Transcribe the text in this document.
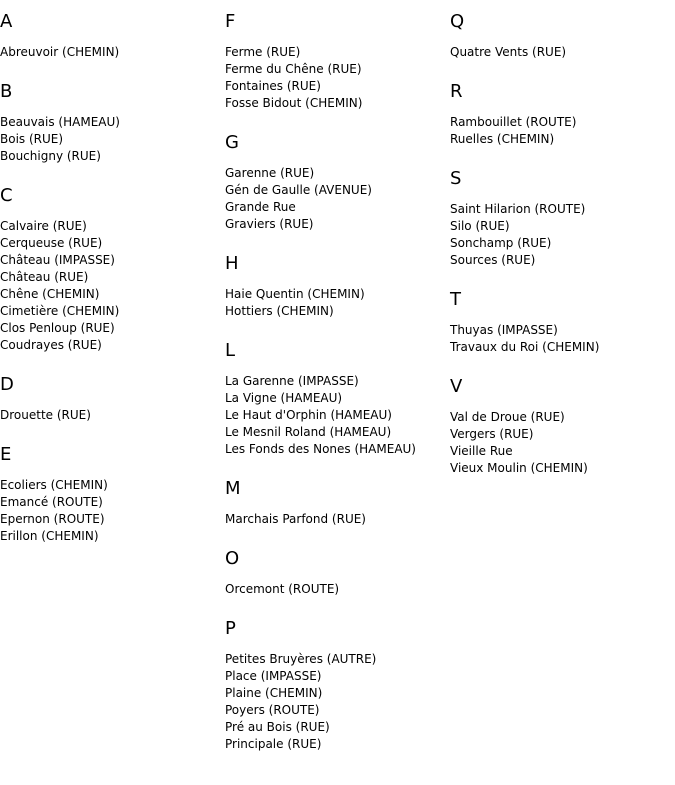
A
Abreuvoir (CHEMIN)
B
Beauvais (HAMEAU)
Bois (RUE)
Bouchigny (RUE)
C
Calvaire (RUE)
Cerqueuse (RUE)
Château (IMPASSE)
Château (RUE)
Chêne (CHEMIN)
Cimetière (CHEMIN)
Clos Penloup (RUE)
Coudrayes (RUE)
D
Drouette (RUE)
E
Ecoliers (CHEMIN)
Emancé (ROUTE)
Epernon (ROUTE)
Erillon (CHEMIN)
F
Ferme (RUE)
Ferme du Chêne (RUE)
Fontaines (RUE)
Fosse Bidout (CHEMIN)
G
Garenne (RUE)
Gén de Gaulle (AVENUE)
Grande Rue
Graviers (RUE)
H
Haie Quentin (CHEMIN)
Hottiers (CHEMIN)
L
La Garenne (IMPASSE)
La Vigne (HAMEAU)
Le Haut d'Orphin (HAMEAU)
Le Mesnil Roland (HAMEAU)
Les Fonds des Nones (HAMEAU)
M
Marchais Parfond (RUE)
O
Orcemont (ROUTE)
P
Petites Bruyères (AUTRE)
Place (IMPASSE)
Plaine (CHEMIN)
Poyers (ROUTE)
Pré au Bois (RUE)
Principale (RUE)
Q
Quatre Vents (RUE)
R
Rambouillet (ROUTE)
Ruelles (CHEMIN)
S
Saint Hilarion (ROUTE)
Silo (RUE)
Sonchamp (RUE)
Sources (RUE)
T
Thuyas (IMPASSE)
Travaux du Roi (CHEMIN)
V
Val de Droue (RUE)
Vergers (RUE)
Vieille Rue
Vieux Moulin (CHEMIN)
